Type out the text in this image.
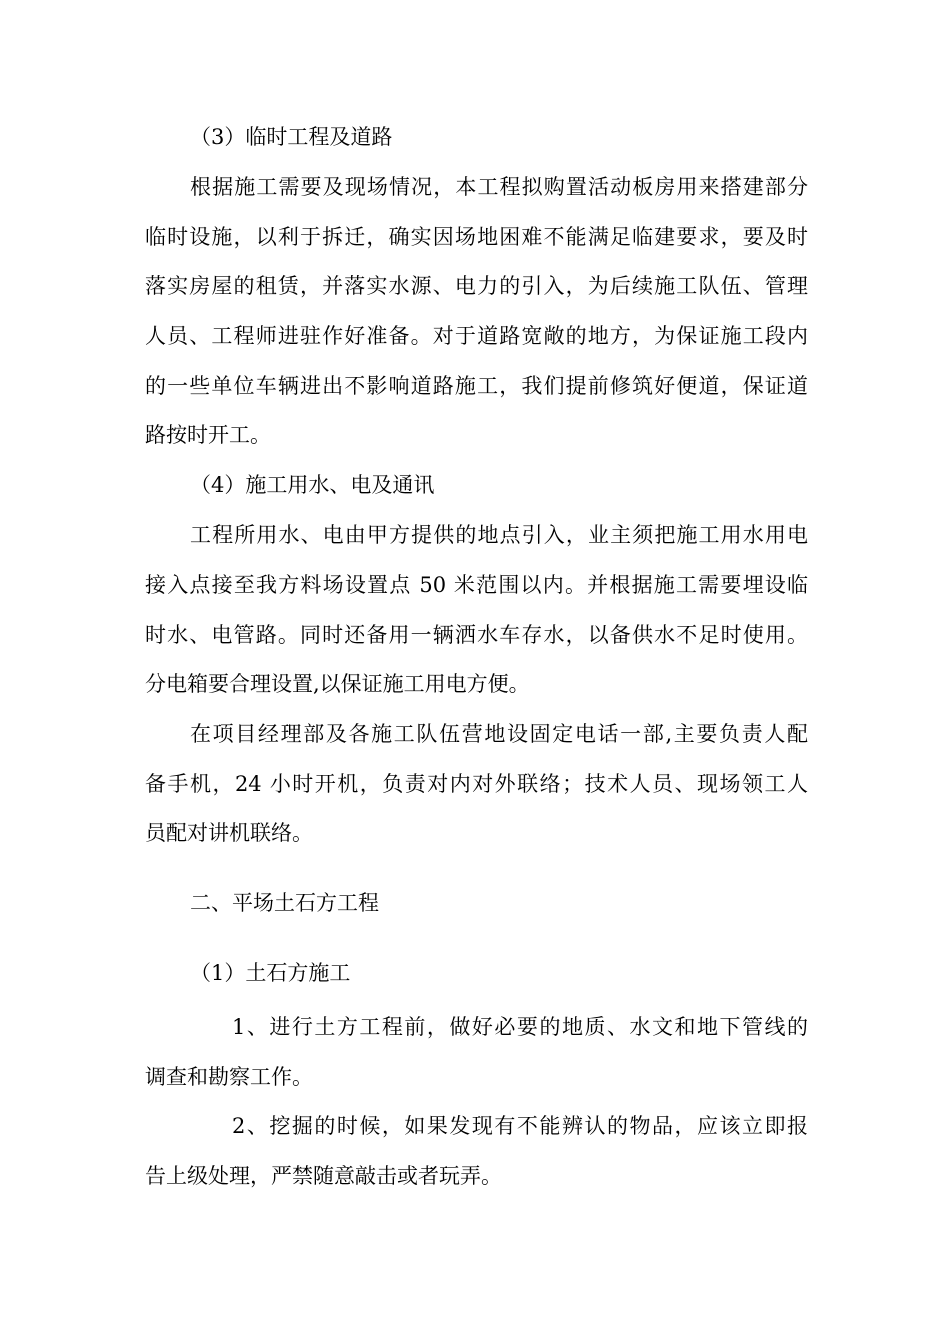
（3）临时工程及道路
根据施工需要及现场情况，本工程拟购置活动板房用来搭建部分
临时设施，以利于拆迁，确实因场地困难不能满足临建要求，要及时
落实房屋的租赁，并落实水源、电力的引入，为后续施工队伍、管理
人员、工程师进驻作好准备。对于道路宽敞的地方，为保证施工段内
的一些单位车辆进出不影响道路施工，我们提前修筑好便道，保证道
路按时开工。
（4）施工用水、电及通讯
工程所用水、电由甲方提供的地点引入，业主须把施工用水用电
接入点接至我方料场设置点 50 米范围以内。并根据施工需要埋设临
时水、电管路。同时还备用一辆洒水车存水，以备供水不足时使用。
分电箱要合理设置,以保证施工用电方便。
在项目经理部及各施工队伍营地设固定电话一部,主要负责人配
备手机，24 小时开机，负责对内对外联络；技术人员、现场领工人
员配对讲机联络。
二、平场土石方工程
（1）土石方施工
1、进行土方工程前，做好必要的地质、水文和地下管线的
调查和勘察工作。
2、挖掘的时候，如果发现有不能辨认的物品，应该立即报
告上级处理，严禁随意敲击或者玩弄。
